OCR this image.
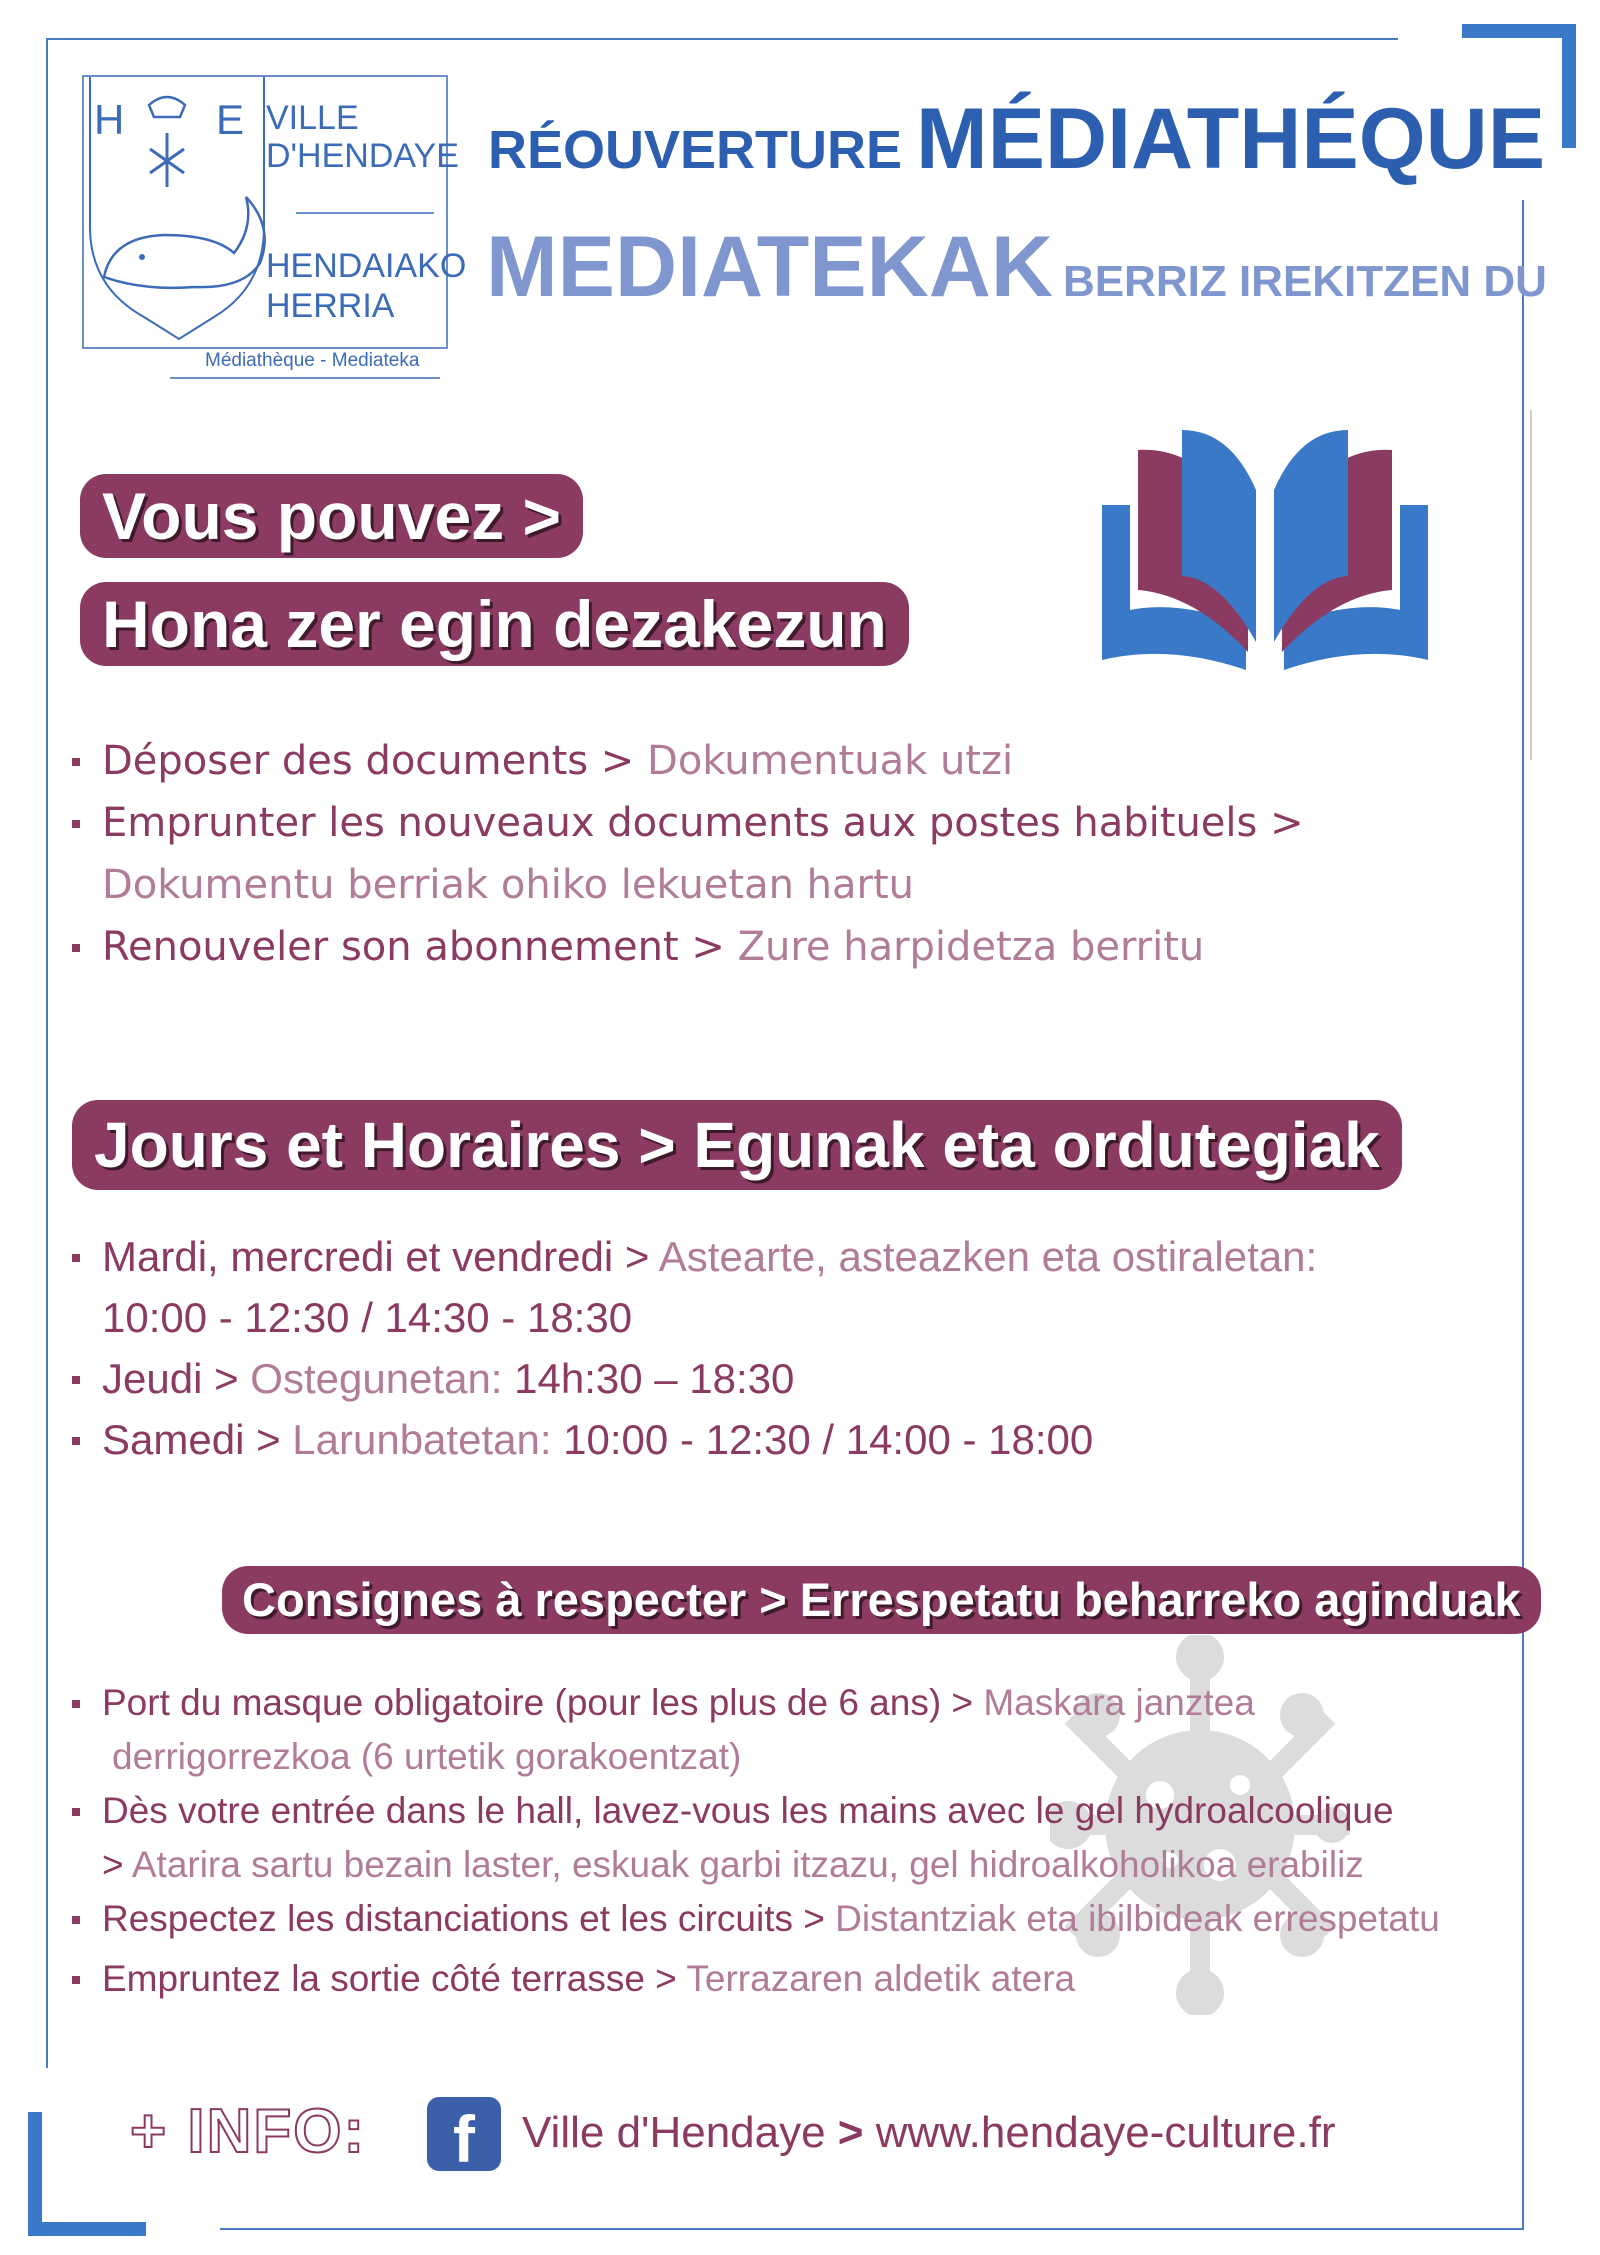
H E
VILLE
D'HENDAYE
HENDAIAKO
HERRIA
Médiathèque - Mediateka
RÉOUVERTURE MÉDIATHÉQUE
MEDIATEKAK BERRIZ IREKITZEN DU
Vous pouvez >
Hona zer egin dezakezun
Déposer des documents > Dokumentuak utzi
Emprunter les nouveaux documents aux postes habituels >
Dokumentu berriak ohiko lekuetan hartu
Renouveler son abonnement > Zure harpidetza berritu
Jours et Horaires > Egunak eta ordutegiak
Mardi, mercredi et vendredi > Astearte, asteazken eta ostiraletan:
10:00 - 12:30 / 14:30 - 18:30
Jeudi > Ostegunetan: 14h:30 – 18:30
Samedi > Larunbatetan: 10:00 - 12:30 / 14:00 - 18:00
Consignes à respecter > Errespetatu beharreko aginduak
Port du masque obligatoire (pour les plus de 6 ans) > Maskara janztea
derrigorrezkoa (6 urtetik gorakoentzat)
Dès votre entrée dans le hall, lavez-vous les mains avec le gel hydroalcoolique
> Atarira sartu bezain laster, eskuak garbi itzazu, gel hidroalkoholikoa erabiliz
Respectez les distanciations et les circuits > Distantziak eta ibilbideak errespetatu
Empruntez la sortie côté terrasse > Terrazaren aldetik atera
+ INFO:	f	Ville d'Hendaye > www.hendaye-culture.fr
